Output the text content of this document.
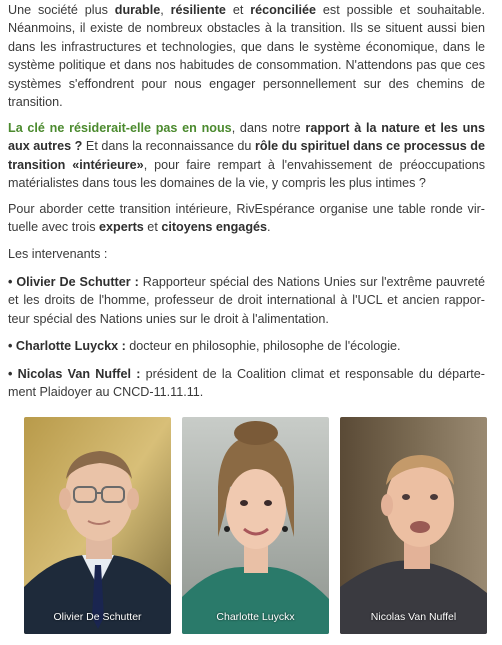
Une société plus durable, résiliente et réconciliée est possible et souhaitable. Néanmoins, il existe de nombreux obstacles à la transition. Ils se situent aussi bien dans les infrastructures et technologies, que dans le système économique, dans le système politique et dans nos habitudes de consommation. N'attendons pas que ces systèmes s'effondrent pour nous engager personnellement sur des chemins de transition.

La clé ne résiderait-elle pas en nous, dans notre rapport à la nature et les uns aux autres ? Et dans la reconnaissance du rôle du spirituel dans ce processus de transition «intérieure», pour faire rempart à l'envahissement de préoccupations matérialistes dans tous les domaines de la vie, y compris les plus intimes ?

Pour aborder cette transition intérieure, RivEspérance organise une table ronde vir-tuelle avec trois experts et citoyens engagés.

Les intervenants :

• Olivier De Schutter : Rapporteur spécial des Nations Unies sur l'extrême pauvreté et les droits de l'homme, professeur de droit international à l'UCL et ancien rappor-teur spécial des Nations unies sur le droit à l'alimentation.

• Charlotte Luyckx : docteur en philosophie, philosophe de l'écologie.

• Nicolas Van Nuffel : président de la Coalition climat et responsable du départe-ment Plaidoyer au CNCD-11.11.11.

Olivier De Schutter	Charlotte Luyckx	Nicolas Van Nuffel
